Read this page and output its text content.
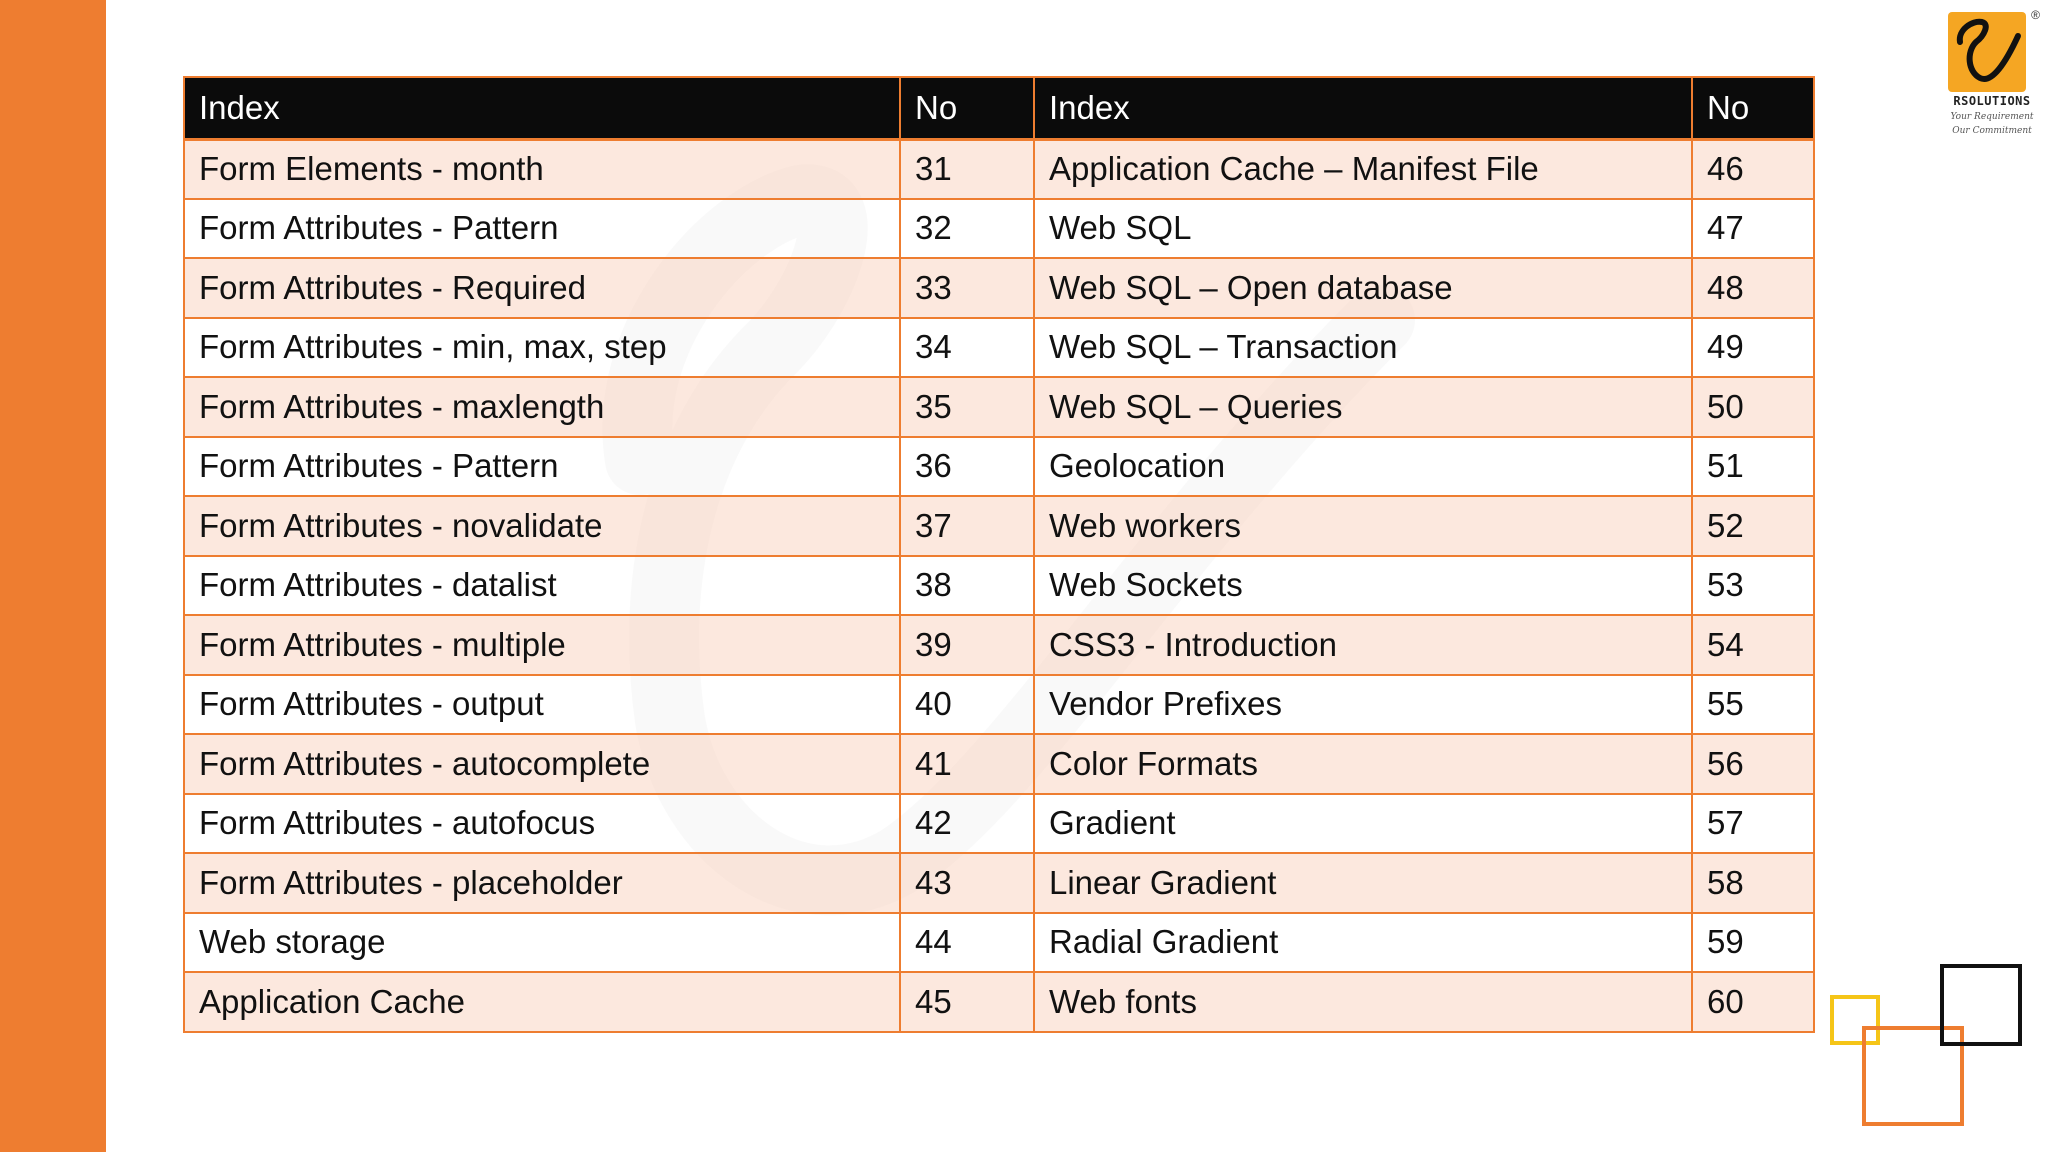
Index	No	Index	No
Form Elements - month	31	Application Cache – Manifest File	46
Form Attributes - Pattern	32	Web SQL	47
Form Attributes - Required	33	Web SQL – Open database	48
Form Attributes - min, max, step	34	Web SQL – Transaction	49
Form Attributes - maxlength	35	Web SQL – Queries	50
Form Attributes - Pattern	36	Geolocation	51
Form Attributes - novalidate	37	Web workers	52
Form Attributes - datalist	38	Web Sockets	53
Form Attributes - multiple	39	CSS3 - Introduction	54
Form Attributes - output	40	Vendor Prefixes	55
Form Attributes - autocomplete	41	Color Formats	56
Form Attributes - autofocus	42	Gradient	57
Form Attributes - placeholder	43	Linear Gradient	58
Web storage	44	Radial Gradient	59
Application Cache	45	Web fonts	60
®
RSOLUTIONS
Your Requirement
Our Commitment
